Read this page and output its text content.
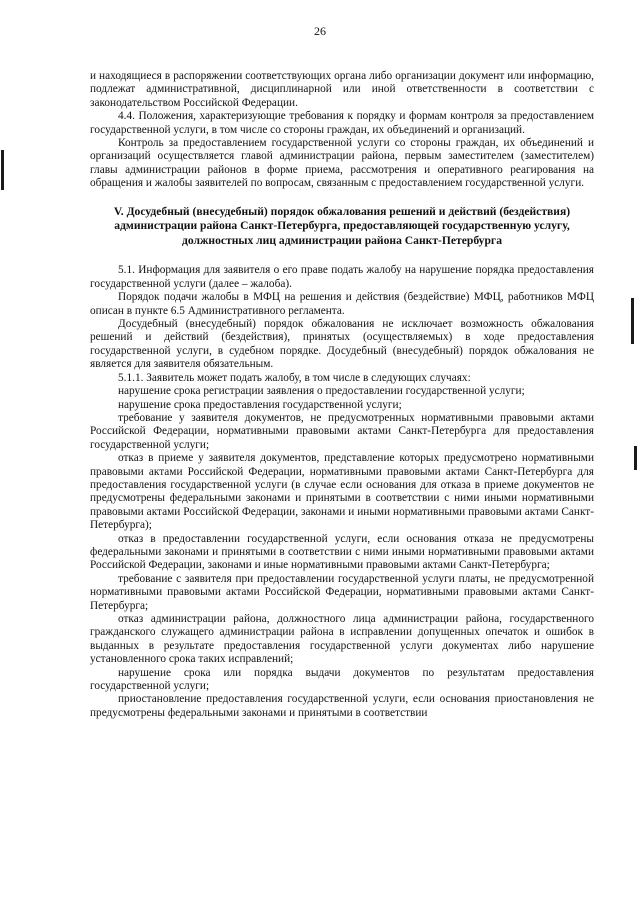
26

и находящиеся в распоряжении соответствующих органа либо организации документ или информацию, подлежат административной, дисциплинарной или иной ответственности в соответствии с законодательством Российской Федерации.

4.4. Положения, характеризующие требования к порядку и формам контроля за предоставлением государственной услуги, в том числе со стороны граждан, их объединений и организаций.

Контроль за предоставлением государственной услуги со стороны граждан, их объединений и организаций осуществляется главой администрации района, первым заместителем (заместителем) главы администрации районов в форме приема, рассмотрения и оперативного реагирования на обращения и жалобы заявителей по вопросам, связанным с предоставлением государственной услуги.

V. Досудебный (внесудебный) порядок обжалования решений и действий (бездействия) администрации района Санкт-Петербурга, предоставляющей государственную услугу, должностных лиц администрации района Санкт-Петербурга

5.1. Информация для заявителя о его праве подать жалобу на нарушение порядка предоставления государственной услуги (далее – жалоба).

Порядок подачи жалобы в МФЦ на решения и действия (бездействие) МФЦ, работников МФЦ описан в пункте 6.5 Административного регламента.

Досудебный (внесудебный) порядок обжалования не исключает возможность обжалования решений и действий (бездействия), принятых (осуществляемых) в ходе предоставления государственной услуги, в судебном порядке. Досудебный (внесудебный) порядок обжалования не является для заявителя обязательным.

5.1.1. Заявитель может подать жалобу, в том числе в следующих случаях:

нарушение срока регистрации заявления о предоставлении государственной услуги;

нарушение срока предоставления государственной услуги;

требование у заявителя документов, не предусмотренных нормативными правовыми актами Российской Федерации, нормативными правовыми актами Санкт-Петербурга для предоставления государственной услуги;

отказ в приеме у заявителя документов, представление которых предусмотрено нормативными правовыми актами Российской Федерации, нормативными правовыми актами Санкт-Петербурга для предоставления государственной услуги (в случае если основания для отказа в приеме документов не предусмотрены федеральными законами и принятыми в соответствии с ними иными нормативными правовыми актами Российской Федерации, законами и иными нормативными правовыми актами Санкт-Петербурга);

отказ в предоставлении государственной услуги, если основания отказа не предусмотрены федеральными законами и принятыми в соответствии с ними иными нормативными правовыми актами Российской Федерации, законами и иные нормативными правовыми актами Санкт-Петербурга;

требование с заявителя при предоставлении государственной услуги платы, не предусмотренной нормативными правовыми актами Российской Федерации, нормативными правовыми актами Санкт-Петербурга;

отказ администрации района, должностного лица администрации района, государственного гражданского служащего администрации района в исправлении допущенных опечаток и ошибок в выданных в результате предоставления государственной услуги документах либо нарушение установленного срока таких исправлений;

нарушение срока или порядка выдачи документов по результатам предоставления государственной услуги;

приостановление предоставления государственной услуги, если основания приостановления не предусмотрены федеральными законами и принятыми в соответствии
